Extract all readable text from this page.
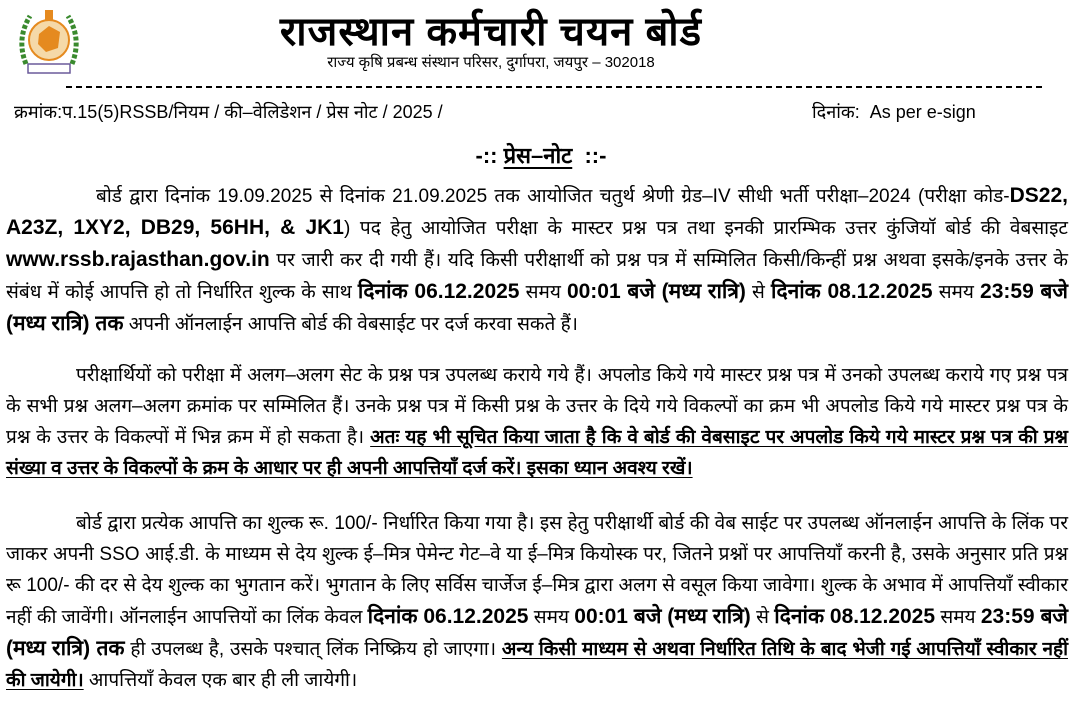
राजस्थान कर्मचारी चयन बोर्ड
राज्य कृषि प्रबन्ध संस्थान परिसर, दुर्गापरा, जयपुर – 302018
क्रमांक:प.15(5)RSSB/नियम / की–वेलिडेशन / प्रेस नोट / 2025 /	दिनांक: As per e-sign
-:: प्रेस–नोट ::-
बोर्ड द्वारा दिनांक 19.09.2025 से दिनांक 21.09.2025 तक आयोजित चतुर्थ श्रेणी ग्रेड–IV सीधी भर्ती परीक्षा–2024 (परीक्षा कोड-DS22, A23Z, 1XY2, DB29, 56HH, & JK1) पद हेतु आयोजित परीक्षा के मास्टर प्रश्न पत्र तथा इनकी प्रारम्भिक उत्तर कुंजियॉ बोर्ड की वेबसाइट www.rssb.rajasthan.gov.in पर जारी कर दी गयी हैं। यदि किसी परीक्षार्थी को प्रश्न पत्र में सम्मिलित किसी/किन्हीं प्रश्न अथवा इसके/इनके उत्तर के संबंध में कोई आपत्ति हो तो निर्धारित शुल्क के साथ दिनांक 06.12.2025 समय 00:01 बजे (मध्य रात्रि) से दिनांक 08.12.2025 समय 23:59 बजे (मध्य रात्रि) तक अपनी ऑनलाईन आपत्ति बोर्ड की वेबसाईट पर दर्ज करवा सकते हैं।
परीक्षार्थियों को परीक्षा में अलग–अलग सेट के प्रश्न पत्र उपलब्ध कराये गये हैं। अपलोड किये गये मास्टर प्रश्न पत्र में उनको उपलब्ध कराये गए प्रश्न पत्र के सभी प्रश्न अलग–अलग क्रमांक पर सम्मिलित हैं। उनके प्रश्न पत्र में किसी प्रश्न के उत्तर के दिये गये विकल्पों का क्रम भी अपलोड किये गये मास्टर प्रश्न पत्र के प्रश्न के उत्तर के विकल्पों में भिन्न क्रम में हो सकता है। अतः यह भी सूचित किया जाता है कि वे बोर्ड की वेबसाइट पर अपलोड किये गये मास्टर प्रश्न पत्र की प्रश्न संख्या व उत्तर के विकल्पों के क्रम के आधार पर ही अपनी आपत्तियाँ दर्ज करें। इसका ध्यान अवश्य रखें।
बोर्ड द्वारा प्रत्येक आपत्ति का शुल्क रू. 100/- निर्धारित किया गया है। इस हेतु परीक्षार्थी बोर्ड की वेब साईट पर उपलब्ध ऑनलाईन आपत्ति के लिंक पर जाकर अपनी SSO आई.डी. के माध्यम से देय शुल्क ई–मित्र पेमेन्ट गेट–वे या ई–मित्र कियोस्क पर, जितने प्रश्नों पर आपत्तियाँ करनी है, उसके अनुसार प्रति प्रश्न रू 100/- की दर से देय शुल्क का भुगतान करें। भुगतान के लिए सर्विस चार्जेज ई–मित्र द्वारा अलग से वसूल किया जावेगा। शुल्क के अभाव में आपत्तियाँ स्वीकार नहीं की जावेंगी। ऑनलाईन आपत्तियों का लिंक केवल दिनांक 06.12.2025 समय 00:01 बजे (मध्य रात्रि) से दिनांक 08.12.2025 समय 23:59 बजे (मध्य रात्रि) तक ही उपलब्ध है, उसके पश्चात् लिंक निष्क्रिय हो जाएगा। अन्य किसी माध्यम से अथवा निर्धारित तिथि के बाद भेजी गई आपत्तियाँ स्वीकार नहीं की जायेगी। आपत्तियाँ केवल एक बार ही ली जायेगी।
